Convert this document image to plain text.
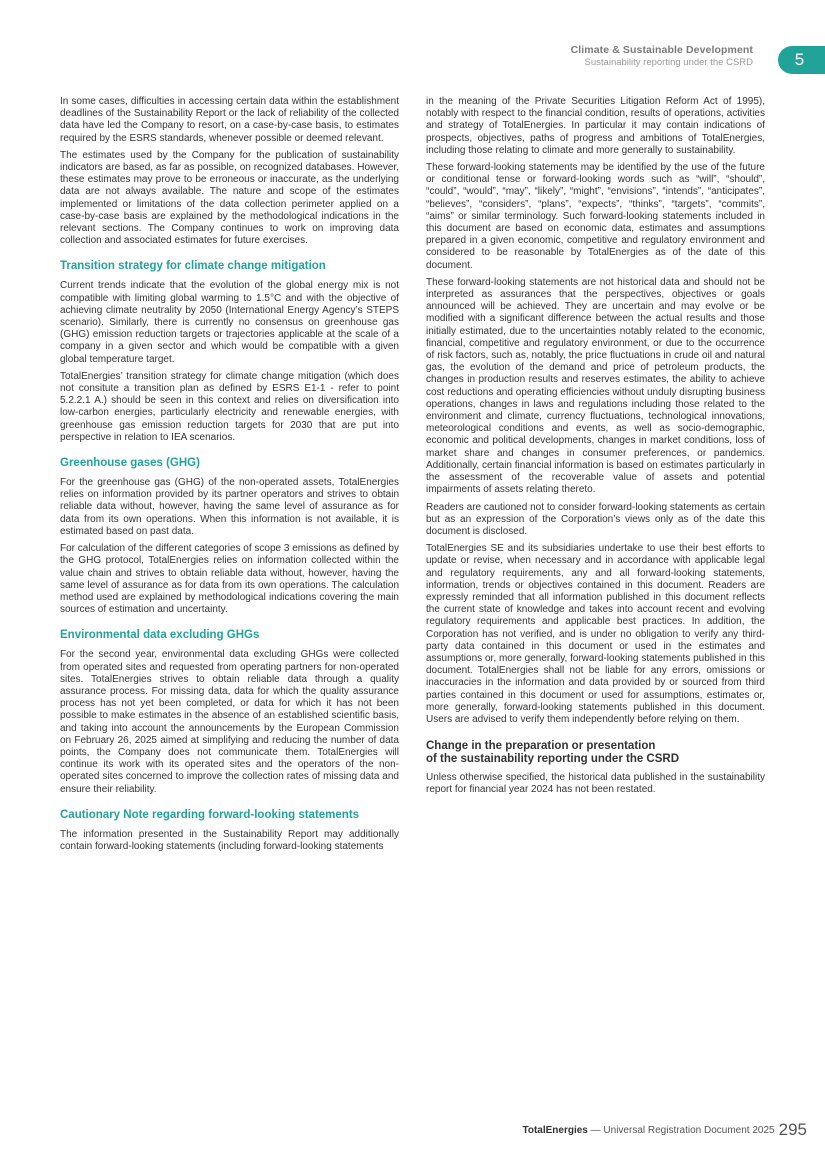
Climate & Sustainable Development
Sustainability reporting under the CSRD	5

In some cases, difficulties in accessing certain data within the establishment deadlines of the Sustainability Report or the lack of reliability of the collected data have led the Company to resort, on a case-by-case basis, to estimates required by the ESRS standards, whenever possible or deemed relevant.

The estimates used by the Company for the publication of sustainability indicators are based, as far as possible, on recognized databases. However, these estimates may prove to be erroneous or inaccurate, as the underlying data are not always available. The nature and scope of the estimates implemented or limitations of the data collection perimeter applied on a case-by-case basis are explained by the methodological indications in the relevant sections. The Company continues to work on improving data collection and associated estimates for future exercises.

Transition strategy for climate change mitigation

Current trends indicate that the evolution of the global energy mix is not compatible with limiting global warming to 1.5°C and with the objective of achieving climate neutrality by 2050 (International Energy Agency’s STEPS scenario). Similarly, there is currently no consensus on greenhouse gas (GHG) emission reduction targets or trajectories applicable at the scale of a company in a given sector and which would be compatible with a given global temperature target.

TotalEnergies’ transition strategy for climate change mitigation (which does not consitute a transition plan as defined by ESRS E1-1 - refer to point 5.2.2.1 A.) should be seen in this context and relies on diversification into low-carbon energies, particularly electricity and renewable energies, with greenhouse gas emission reduction targets for 2030 that are put into perspective in relation to IEA scenarios.

Greenhouse gases (GHG)

For the greenhouse gas (GHG) of the non-operated assets, TotalEnergies relies on information provided by its partner operators and strives to obtain reliable data without, however, having the same level of assurance as for data from its own operations. When this information is not available, it is estimated based on past data.

For calculation of the different categories of scope 3 emissions as defined by the GHG protocol, TotalEnergies relies on information collected within the value chain and strives to obtain reliable data without, however, having the same level of assurance as for data from its own operations. The calculation method used are explained by methodological indications covering the main sources of estimation and uncertainty.

Environmental data excluding GHGs

For the second year, environmental data excluding GHGs were collected from operated sites and requested from operating partners for non-operated sites. TotalEnergies strives to obtain reliable data through a quality assurance process. For missing data, data for which the quality assurance process has not yet been completed, or data for which it has not been possible to make estimates in the absence of an established scientific basis, and taking into account the announcements by the European Commission on February 26, 2025 aimed at simplifying and reducing the number of data points, the Company does not communicate them. TotalEnergies will continue its work with its operated sites and the operators of the non-operated sites concerned to improve the collection rates of missing data and ensure their reliability.

Cautionary Note regarding forward-looking statements

The information presented in the Sustainability Report may additionally contain forward-looking statements (including forward-looking statements

in the meaning of the Private Securities Litigation Reform Act of 1995), notably with respect to the financial condition, results of operations, activities and strategy of TotalEnergies. In particular it may contain indications of prospects, objectives, paths of progress and ambitions of TotalEnergies, including those relating to climate and more generally to sustainability.

These forward-looking statements may be identified by the use of the future or conditional tense or forward-looking words such as “will”, “should”, “could”, “would”, “may”, “likely”, “might”, “envisions”, “intends”, “anticipates”, “believes”, “considers”, “plans”, “expects”, “thinks”, “targets”, “commits”, “aims” or similar terminology. Such forward-looking statements included in this document are based on economic data, estimates and assumptions prepared in a given economic, competitive and regulatory environment and considered to be reasonable by TotalEnergies as of the date of this document.

These forward-looking statements are not historical data and should not be interpreted as assurances that the perspectives, objectives or goals announced will be achieved. They are uncertain and may evolve or be modified with a significant difference between the actual results and those initially estimated, due to the uncertainties notably related to the economic, financial, competitive and regulatory environment, or due to the occurrence of risk factors, such as, notably, the price fluctuations in crude oil and natural gas, the evolution of the demand and price of petroleum products, the changes in production results and reserves estimates, the ability to achieve cost reductions and operating efficiencies without unduly disrupting business operations, changes in laws and regulations including those related to the environment and climate, currency fluctuations, technological innovations, meteorological conditions and events, as well as socio-demographic, economic and political developments, changes in market conditions, loss of market share and changes in consumer preferences, or pandemics. Additionally, certain financial information is based on estimates particularly in the assessment of the recoverable value of assets and potential impairments of assets relating thereto.

Readers are cautioned not to consider forward-looking statements as certain but as an expression of the Corporation’s views only as of the date this document is disclosed.

TotalEnergies SE and its subsidiaries undertake to use their best efforts to update or revise, when necessary and in accordance with applicable legal and regulatory requirements, any and all forward-looking statements, information, trends or objectives contained in this document. Readers are expressly reminded that all information published in this document reflects the current state of knowledge and takes into account recent and evolving regulatory requirements and applicable best practices. In addition, the Corporation has not verified, and is under no obligation to verify any third-party data contained in this document or used in the estimates and assumptions or, more generally, forward-looking statements published in this document. TotalEnergies shall not be liable for any errors, omissions or inaccuracies in the information and data provided by or sourced from third parties contained in this document or used for assumptions, estimates or, more generally, forward-looking statements published in this document. Users are advised to verify them independently before relying on them.

Change in the preparation or presentation
of the sustainability reporting under the CSRD

Unless otherwise specified, the historical data published in the sustainability report for financial year 2024 has not been restated.

TotalEnergies — Universal Registration Document 2025 295
